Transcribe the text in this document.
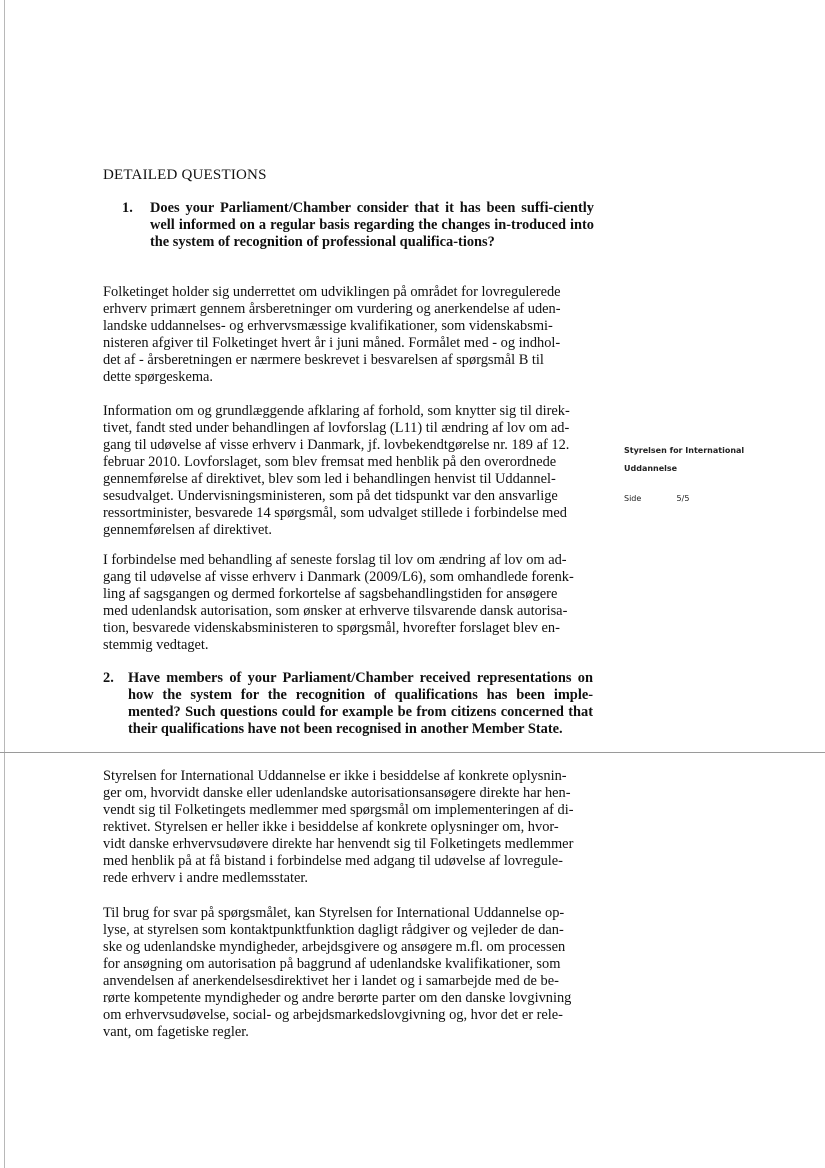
DETAILED QUESTIONS

1.	Does your Parliament/Chamber consider that it has been suffi-ciently well informed on a regular basis regarding the changes in-troduced into the system of recognition of professional qualifica-tions?
Folketinget holder sig underrettet om udviklingen på området for lovregulerede
erhverv primært gennem årsberetninger om vurdering og anerkendelse af uden-
landske uddannelses- og erhvervsmæssige kvalifikationer, som videnskabsmi-
nisteren afgiver til Folketinget hvert år i juni måned. Formålet med - og indhol-
det af - årsberetningen er nærmere beskrevet i besvarelsen af spørgsmål B til
dette spørgeskema.
Information om og grundlæggende afklaring af forhold, som knytter sig til direk-
tivet, fandt sted under behandlingen af lovforslag (L11) til ændring af lov om ad-
gang til udøvelse af visse erhverv i Danmark, jf. lovbekendtgørelse nr. 189 af 12.
februar 2010. Lovforslaget, som blev fremsat med henblik på den overordnede
gennemførelse af direktivet, blev som led i behandlingen henvist til Uddannel-
sesudvalget. Undervisningsministeren, som på det tidspunkt var den ansvarlige
ressortminister, besvarede 14 spørgsmål, som udvalget stillede i forbindelse med
gennemførelsen af direktivet.
I forbindelse med behandling af seneste forslag til lov om ændring af lov om ad-
gang til udøvelse af visse erhverv i Danmark (2009/L6), som omhandlede forenk-
ling af sagsgangen og dermed forkortelse af sagsbehandlingstiden for ansøgere
med udenlandsk autorisation, som ønsker at erhverve tilsvarende dansk autorisa-
tion, besvarede videnskabsministeren to spørgsmål, hvorefter forslaget blev en-
stemmig vedtaget.
2. Have members of your Parliament/Chamber received representations on how the system for the recognition of qualifications has been imple-mented? Such questions could for example be from citizens concerned that their qualifications have not been recognised in another Member State.
Styrelsen for International Uddannelse er ikke i besiddelse af konkrete oplysnin-
ger om, hvorvidt danske eller udenlandske autorisationsansøgere direkte har hen-
vendt sig til Folketingets medlemmer med spørgsmål om implementeringen af di-
rektivet. Styrelsen er heller ikke i besiddelse af konkrete oplysninger om, hvor-
vidt danske erhvervsudøvere direkte har henvendt sig til Folketingets medlemmer
med henblik på at få bistand i forbindelse med adgang til udøvelse af lovregule-
rede erhverv i andre medlemsstater.
Til brug for svar på spørgsmålet, kan Styrelsen for International Uddannelse op-
lyse, at styrelsen som kontaktpunktfunktion dagligt rådgiver og vejleder de dan-
ske og udenlandske myndigheder, arbejdsgivere og ansøgere m.fl. om processen
for ansøgning om autorisation på baggrund af udenlandske kvalifikationer, som
anvendelsen af anerkendelsesdirektivet her i landet og i samarbejde med de be-
rørte kompetente myndigheder og andre berørte parter om den danske lovgivning
om erhvervsudøvelse, social- og arbejdsmarkedslovgivning og, hvor det er rele-
vant, om fagetiske regler.

Styrelsen for International

Uddannelse

Side	5/5
